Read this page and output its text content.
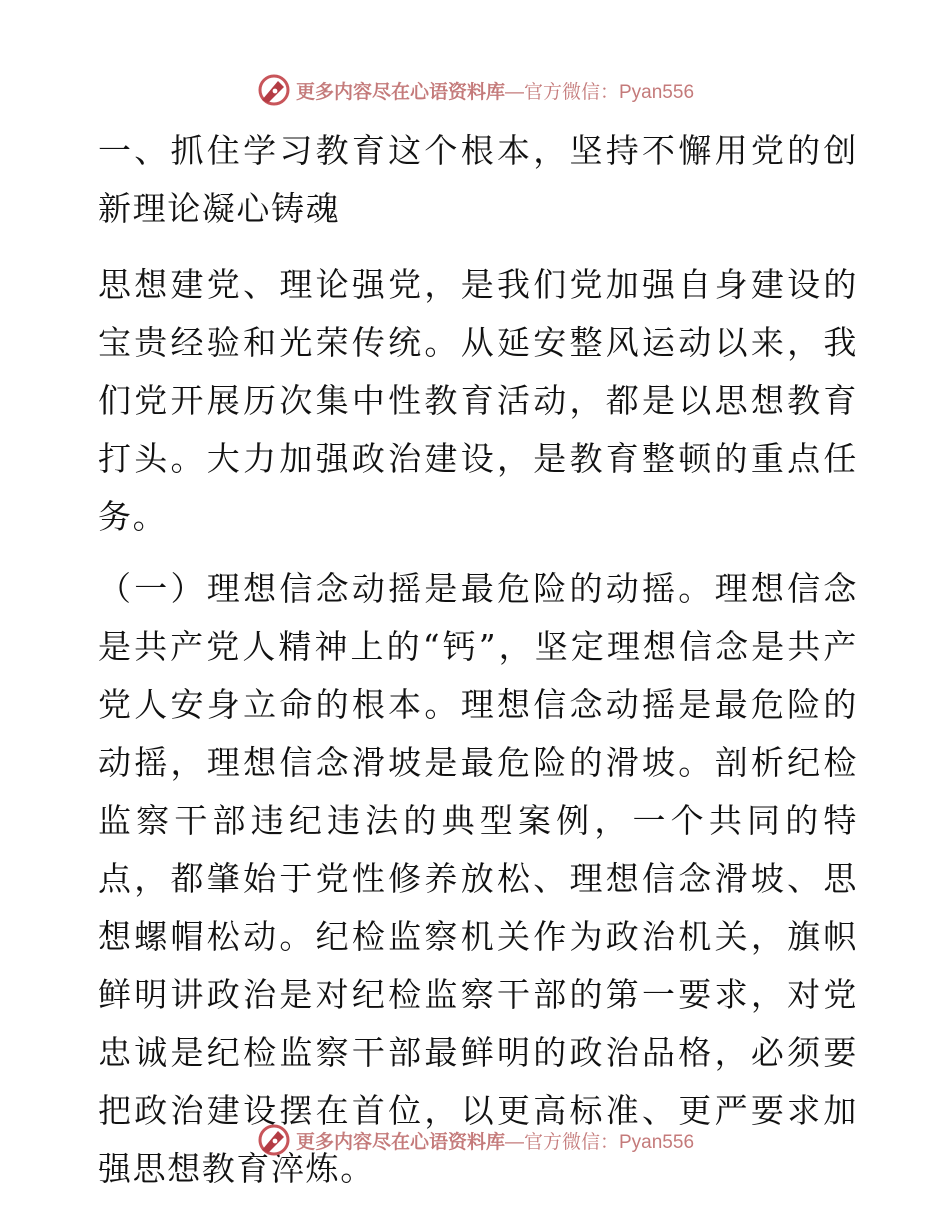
更多内容尽在心语资料库 —官方微信：Pyan556

一、抓住学习教育这个根本，坚持不懈用党的创新理论凝心铸魂

思想建党、理论强党，是我们党加强自身建设的宝贵经验和光荣传统。从延安整风运动以来，我们党开展历次集中性教育活动，都是以思想教育打头。大力加强政治建设，是教育整顿的重点任务。

（一）理想信念动摇是最危险的动摇。理想信念是共产党人精神上的“钙”，坚定理想信念是共产党人安身立命的根本。理想信念动摇是最危险的动摇，理想信念滑坡是最危险的滑坡。剖析纪检监察干部违纪违法的典型案例，一个共同的特点，都肇始于党性修养放松、理想信念滑坡、思想螺帽松动。纪检监察机关作为政治机关，旗帜鲜明讲政治是对纪检监察干部的第一要求，对党忠诚是纪检监察干部最鲜明的政治品格，必须要把政治建设摆在首位，以更高标准、更严要求加强思想教育淬炼。

更多内容尽在心语资料库 —官方微信：Pyan556
